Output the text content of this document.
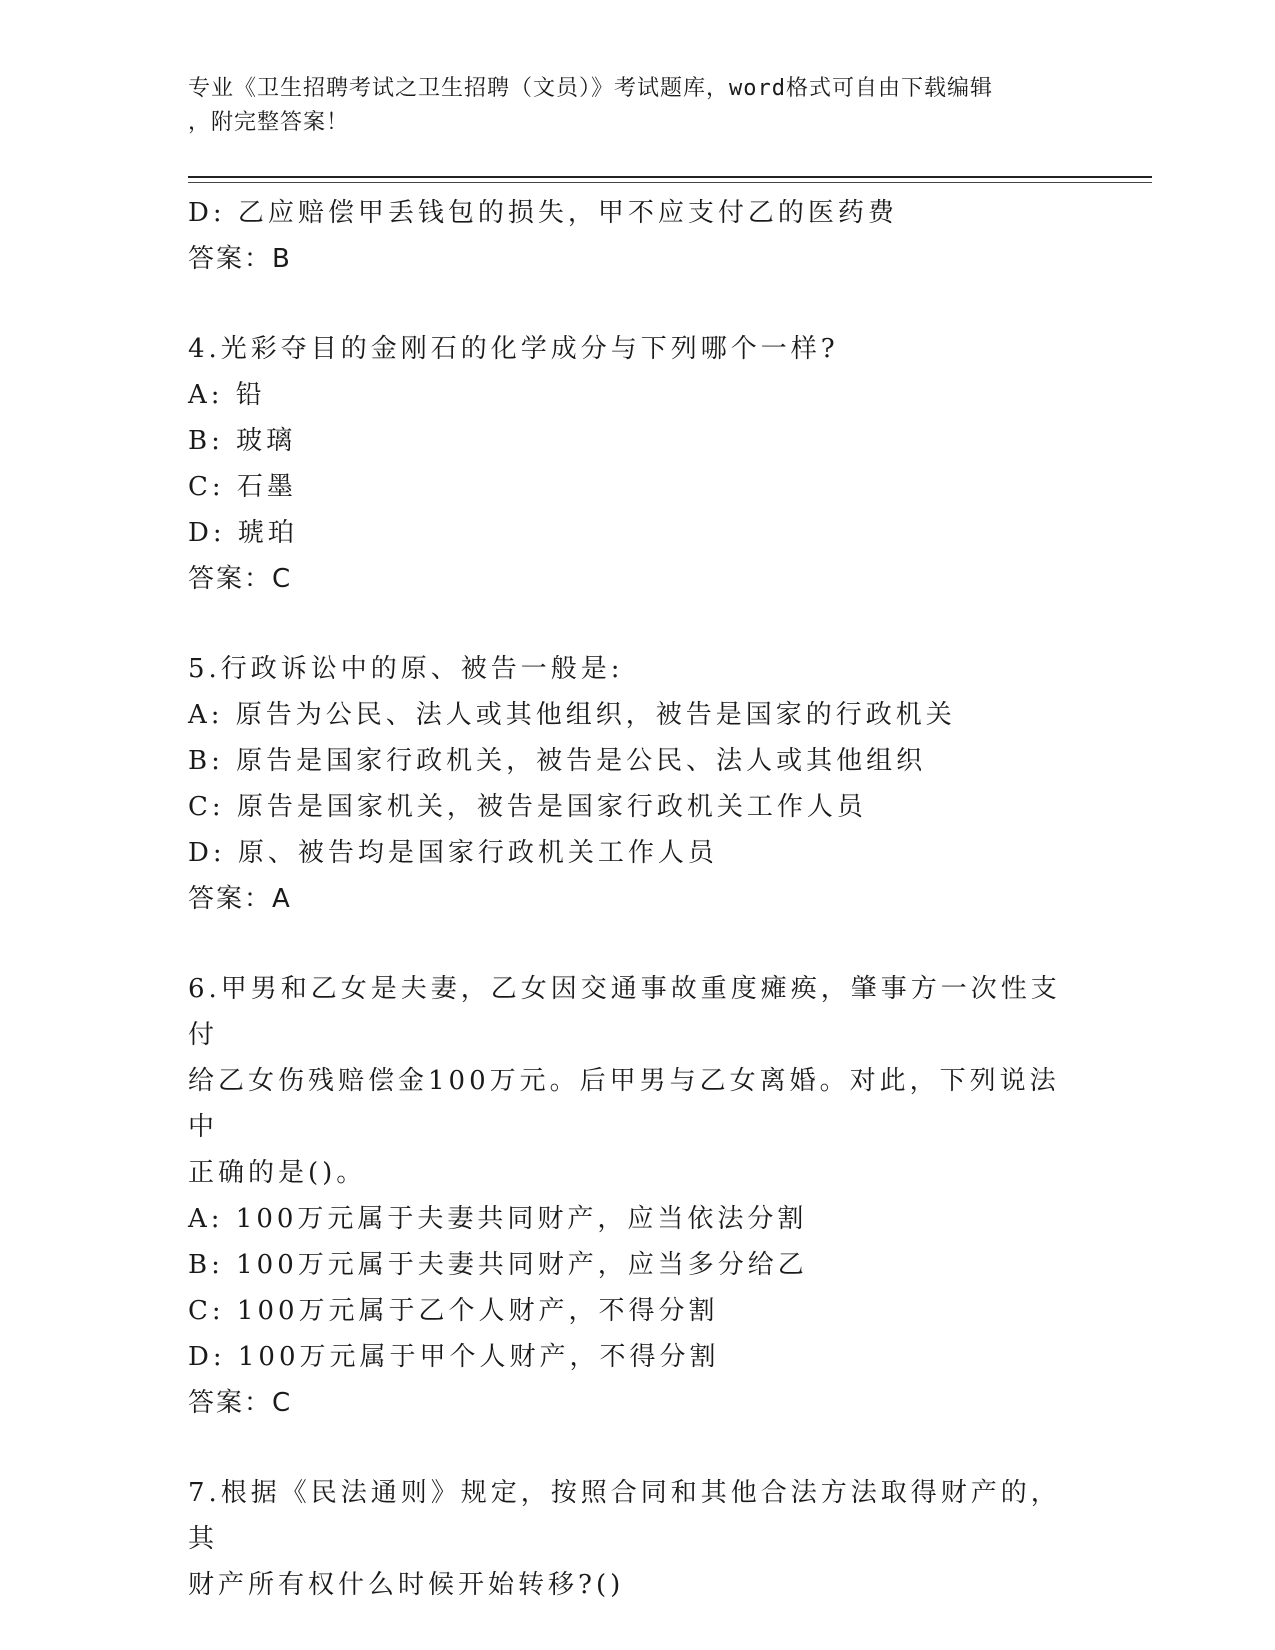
专业《卫生招聘考试之卫生招聘（文员）》考试题库，word格式可自由下载编辑
，附完整答案！
D: 乙应赔偿甲丢钱包的损失，甲不应支付乙的医药费
答案：B
4.光彩夺目的金刚石的化学成分与下列哪个一样?
A: 铅
B: 玻璃
C: 石墨
D: 琥珀
答案：C
5.行政诉讼中的原、被告一般是:
A: 原告为公民、法人或其他组织，被告是国家的行政机关
B: 原告是国家行政机关，被告是公民、法人或其他组织
C: 原告是国家机关，被告是国家行政机关工作人员
D: 原、被告均是国家行政机关工作人员
答案：A
6.甲男和乙女是夫妻，乙女因交通事故重度瘫痪，肇事方一次性支付
给乙女伤残赔偿金100万元。后甲男与乙女离婚。对此，下列说法中
正确的是()。
A: 100万元属于夫妻共同财产，应当依法分割
B: 100万元属于夫妻共同财产，应当多分给乙
C: 100万元属于乙个人财产，不得分割
D: 100万元属于甲个人财产，不得分割
答案：C
7.根据《民法通则》规定，按照合同和其他合法方法取得财产的，其
财产所有权什么时候开始转移?()
